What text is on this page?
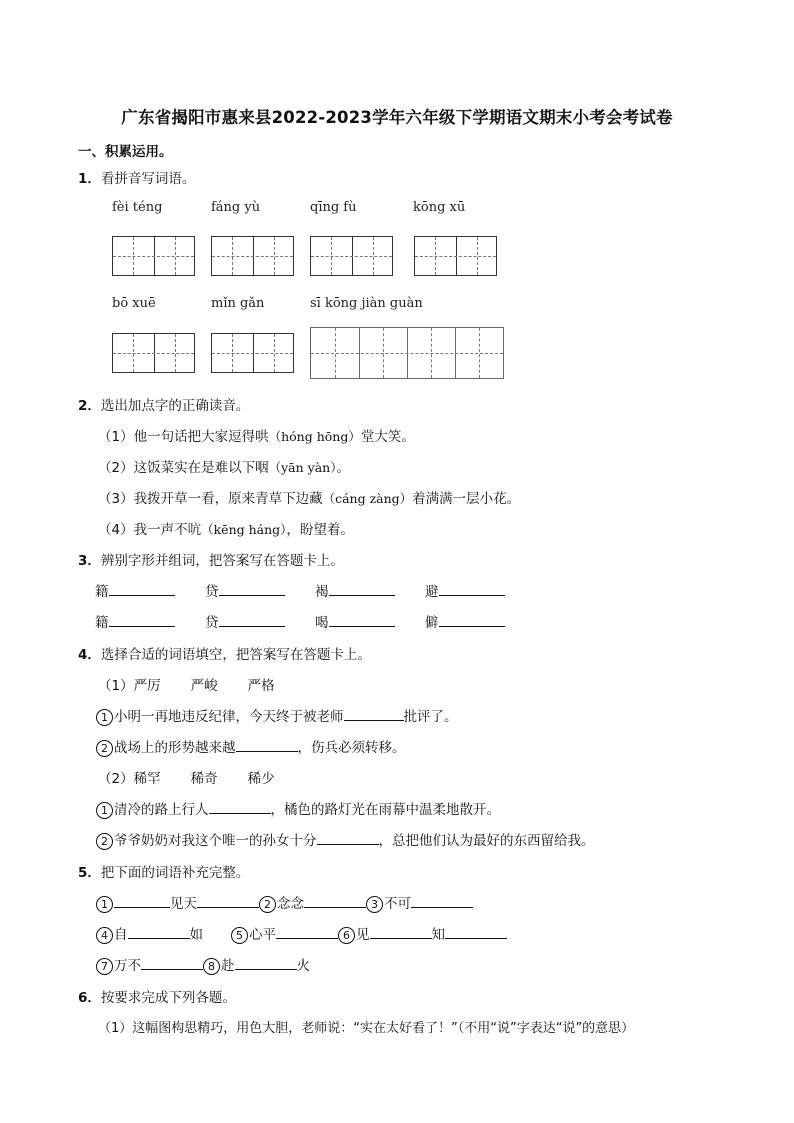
广东省揭阳市惠来县2022-2023学年六年级下学期语文期末小考会考试卷
一、积累运用。
1．看拼音写词语。
fèi téng	fáng yù	qīng fù	kōng xū
bō xuē	mǐn gǎn	sī kōng jiàn guàn
2．选出加点字的正确读音。
（1）他一句话把大家逗得哄（hóng hōng）堂大笑。
（2）这饭菜实在是难以下咽（yān yàn）。
（3）我拨开草一看，原来青草下边藏（cáng zàng）着满满一层小花。
（4）我一声不吭（kēng háng），盼望着。
3．辨别字形并组词，把答案写在答题卡上。
籍	贷	褐	避
籍	贷	喝	僻
4．选择合适的词语填空，把答案写在答题卡上。
（1）严厉 严峻 严格
1 小明一再地违反纪律，今天终于被老师	批评了。
2 战场上的形势越来越	，伤兵必须转移。
（2）稀罕 稀奇 稀少
1 清冷的路上行人	，橘色的路灯光在雨幕中温柔地散开。
2 爷爷奶奶对我这个唯一的孙女十分	，总把他们认为最好的东西留给我。
5．把下面的词语补充完整。
1	见天	2 念念	3 不可
4 自	如	5 心平	6 见	知
7 万不	8 赴	火
6．按要求完成下列各题。
（1）这幅图构思精巧，用色大胆，老师说：“实在太好看了！”（不用“说”字表达“说”的意思）
